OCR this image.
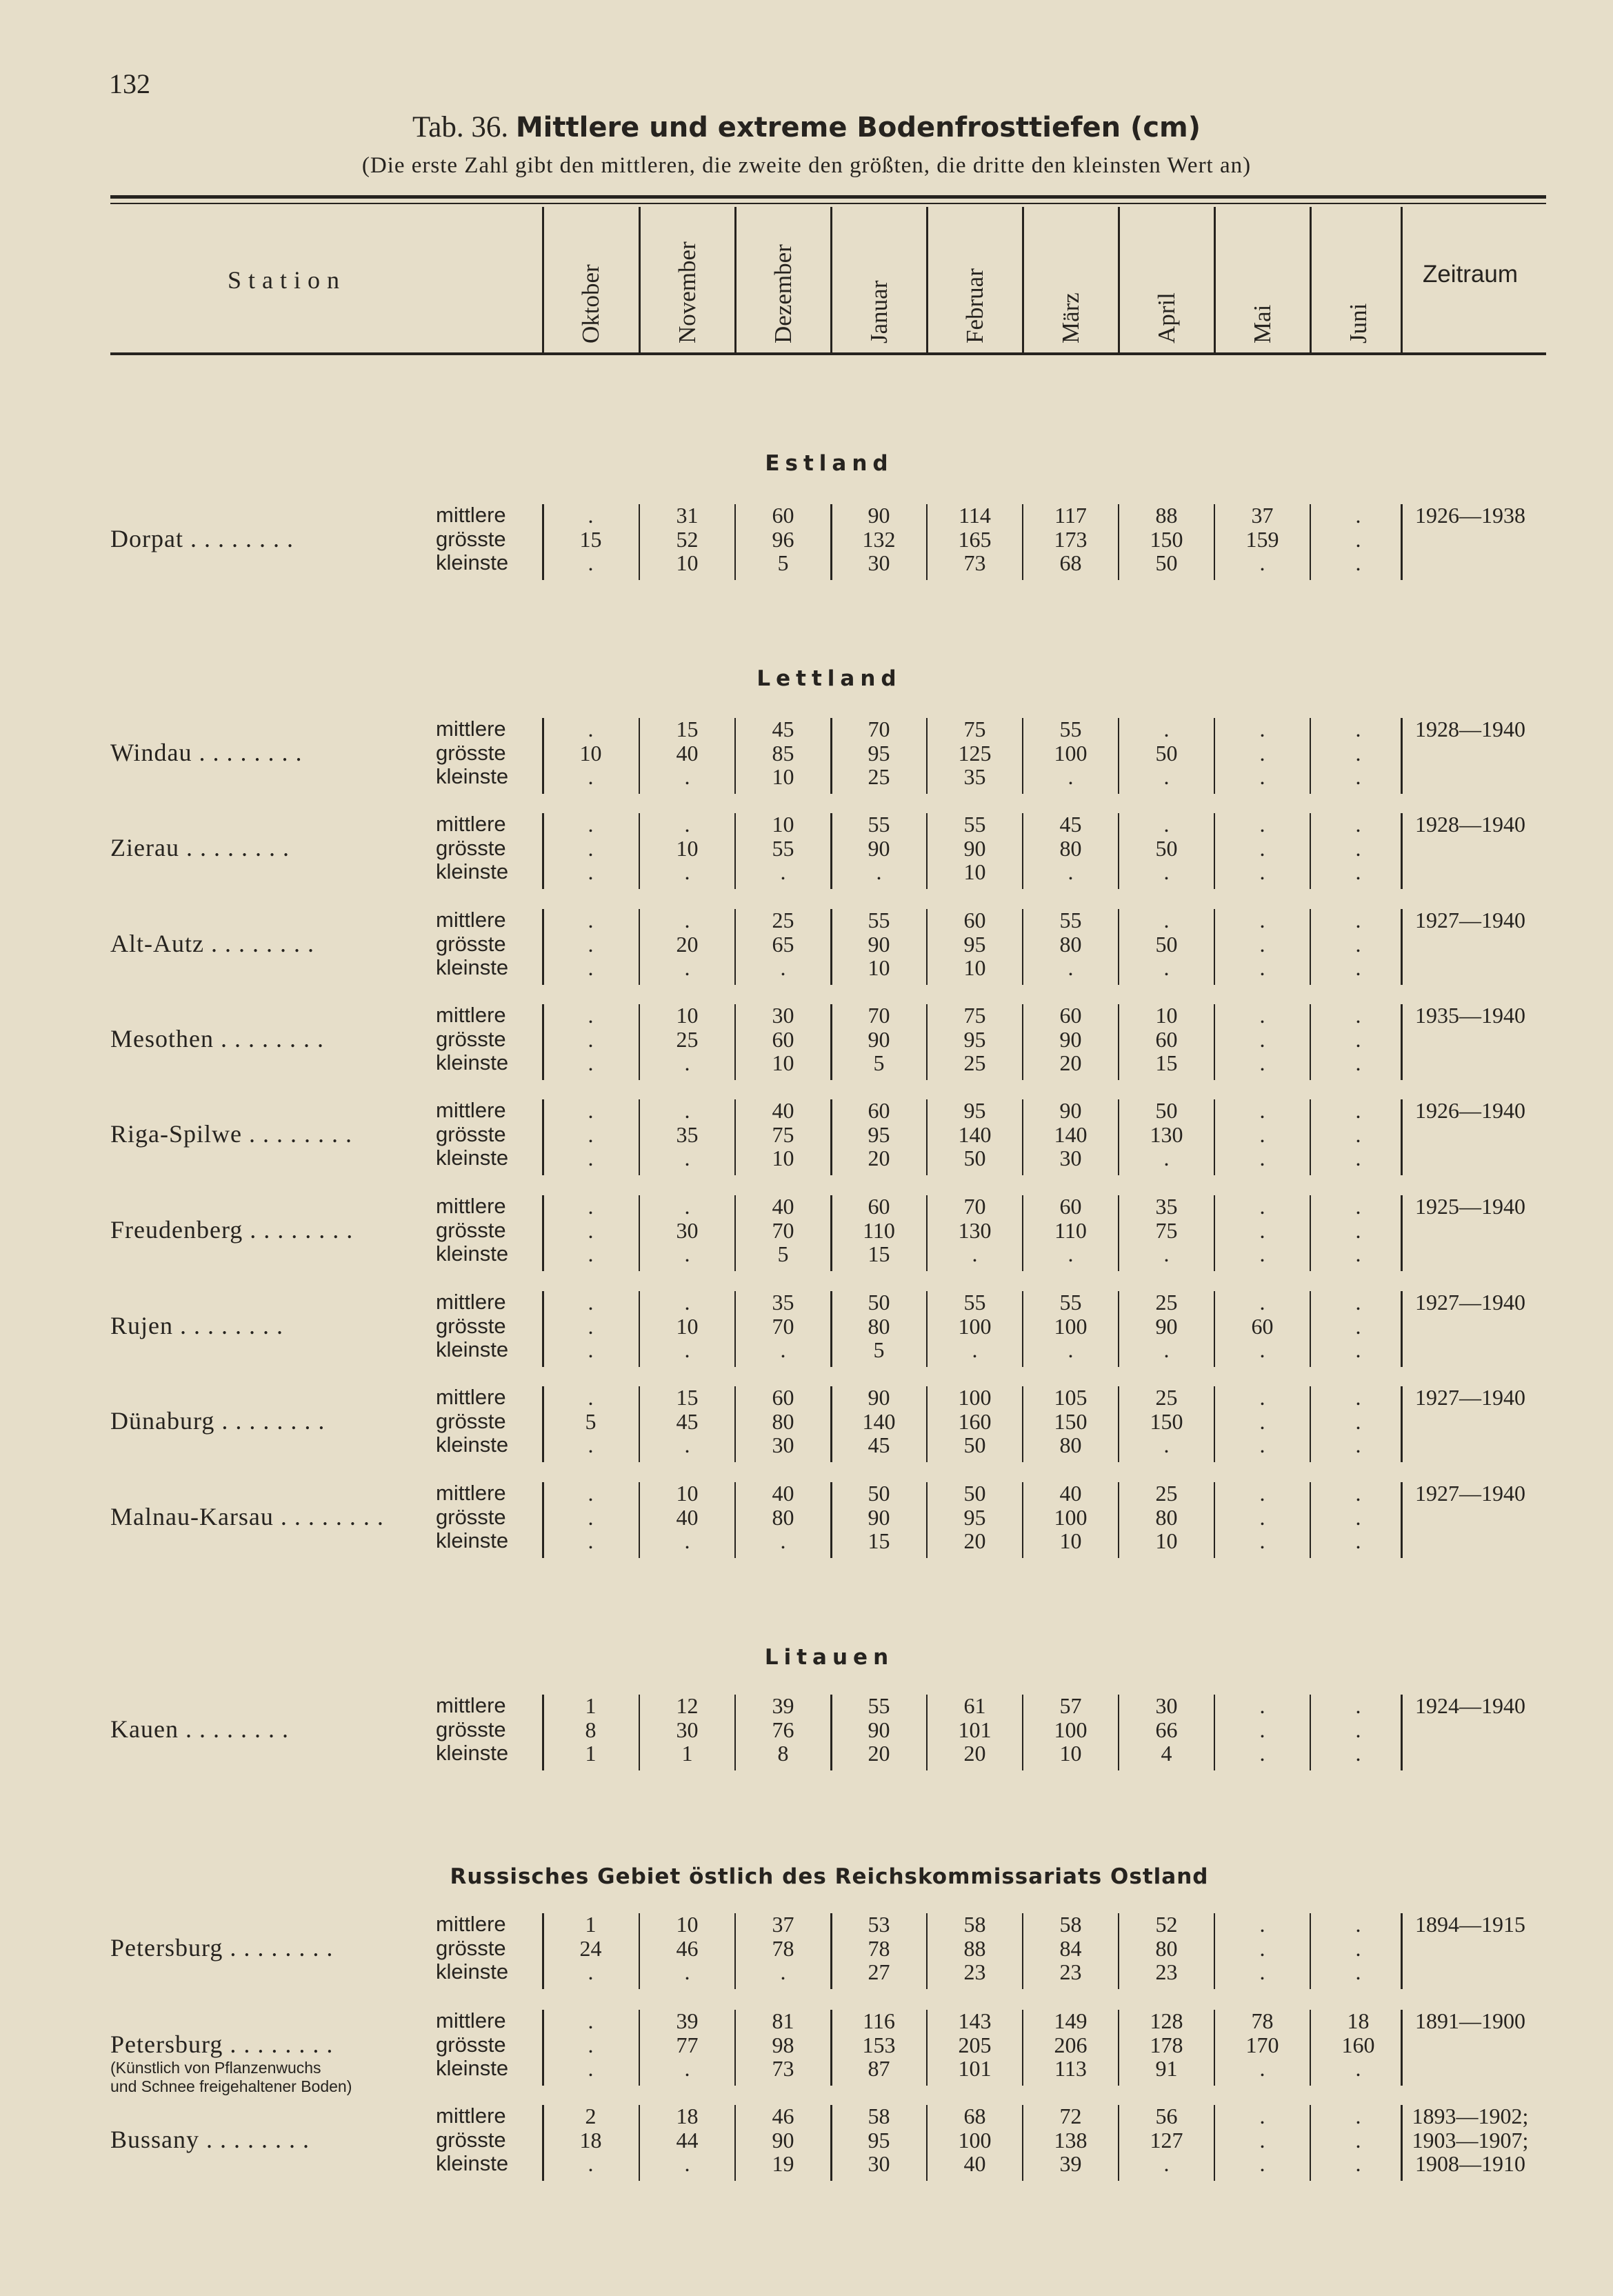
132
Tab. 36. Mittlere und extreme Bodenfrosttiefen (cm)
(Die erste Zahl gibt den mittleren, die zweite den größten, die dritte den kleinsten Wert an)
Station	Zeitraum
Oktober	November	Dezember	Januar	Februar	März	April	Mai	Juni
Estland
Dorpat . . . . . . . .
mittlere
grösste
kleinste
.	31	60	90	114	117	88	37	.
15	52	96	132	165	173	150	159	.
.	10	5	30	73	68	50	.	.
1926—1938
Lettland
Windau . . . . . . . .
mittlere
grösste
kleinste
.	15	45	70	75	55	.	.	.
10	40	85	95	125	100	50	.	.
.	.	10	25	35	.	.	.	.
1928—1940
Zierau . . . . . . . .
mittlere
grösste
kleinste
.	.	10	55	55	45	.	.	.
.	10	55	90	90	80	50	.	.
.	.	.	.	10	.	.	.	.
1928—1940
Alt-Autz . . . . . . . .
mittlere
grösste
kleinste
.	.	25	55	60	55	.	.	.
.	20	65	90	95	80	50	.	.
.	.	.	10	10	.	.	.	.
1927—1940
Mesothen . . . . . . . .
mittlere
grösste
kleinste
.	10	30	70	75	60	10	.	.
.	25	60	90	95	90	60	.	.
.	.	10	5	25	20	15	.	.
1935—1940
Riga-Spilwe . . . . . . . .
mittlere
grösste
kleinste
.	.	40	60	95	90	50	.	.
.	35	75	95	140	140	130	.	.
.	.	10	20	50	30	.	.	.
1926—1940
Freudenberg . . . . . . . .
mittlere
grösste
kleinste
.	.	40	60	70	60	35	.	.
.	30	70	110	130	110	75	.	.
.	.	5	15	.	.	.	.	.
1925—1940
Rujen . . . . . . . .
mittlere
grösste
kleinste
.	.	35	50	55	55	25	.	.
.	10	70	80	100	100	90	60	.
.	.	.	5	.	.	.	.	.
1927—1940
Dünaburg . . . . . . . .
mittlere
grösste
kleinste
.	15	60	90	100	105	25	.	.
5	45	80	140	160	150	150	.	.
.	.	30	45	50	80	.	.	.
1927—1940
Malnau-Karsau . . . . . . . .
mittlere
grösste
kleinste
.	10	40	50	50	40	25	.	.
.	40	80	90	95	100	80	.	.
.	.	.	15	20	10	10	.	.
1927—1940
Litauen
Kauen . . . . . . . .
mittlere
grösste
kleinste
1	12	39	55	61	57	30	.	.
8	30	76	90	101	100	66	.	.
1	1	8	20	20	10	4	.	.
1924—1940
Russisches Gebiet östlich des Reichskommissariats Ostland
Petersburg . . . . . . . .
mittlere
grösste
kleinste
1	10	37	53	58	58	52	.	.
24	46	78	78	88	84	80	.	.
.	.	.	27	23	23	23	.	.
1894—1915
Petersburg . . . . . . . .
(Künstlich von Pflanzenwuchs
und Schnee freigehaltener Boden)
mittlere
grösste
kleinste
.	39	81	116	143	149	128	78	18
.	77	98	153	205	206	178	170	160
.	.	73	87	101	113	91	.	.
1891—1900
Bussany . . . . . . . .
mittlere
grösste
kleinste
2	18	46	58	68	72	56	.	.
18	44	90	95	100	138	127	.	.
.	.	19	30	40	39	.	.	.
1893—1902;
1903—1907;
1908—1910
